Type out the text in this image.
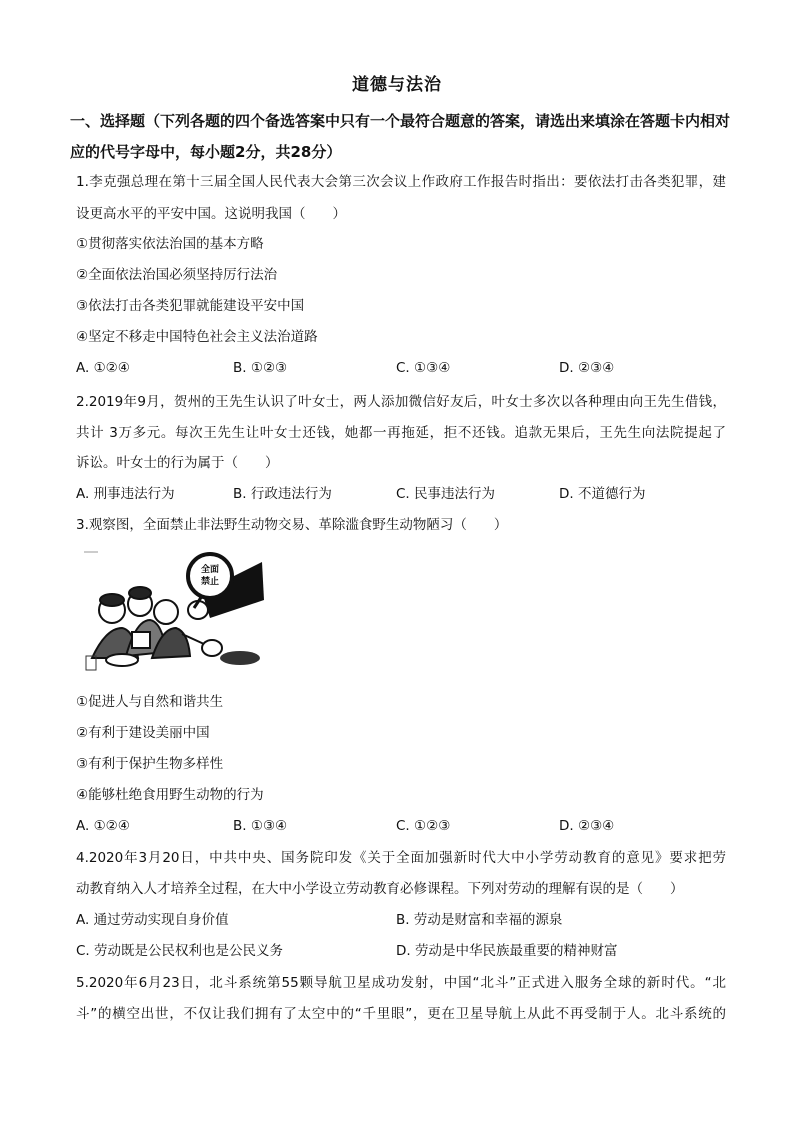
道德与法治
一、选择题（下列各题的四个备选答案中只有一个最符合题意的答案，请选出来填涂在答题卡内相对应的代号字母中，每小题2分，共28分）
1.李克强总理在第十三届全国人民代表大会第三次会议上作政府工作报告时指出：要依法打击各类犯罪，建
设更高水平的平安中国。这说明我国（　　）
①贯彻落实依法治国的基本方略
②全面依法治国必须坚持厉行法治
③依法打击各类犯罪就能建设平安中国
④坚定不移走中国特色社会主义法治道路
A. ①②④	B. ①②③	C. ①③④	D. ②③④
2.2019年9月，贺州的王先生认识了叶女士，两人添加微信好友后，叶女士多次以各种理由向王先生借钱，
共计 3万多元。每次王先生让叶女士还钱，她都一再拖延，拒不还钱。追款无果后，王先生向法院提起了
诉讼。叶女士的行为属于（　　）
A. 刑事违法行为	B. 行政违法行为	C. 民事违法行为	D. 不道德行为
3.观察图，全面禁止非法野生动物交易、革除滥食野生动物陋习（　　）
全面
禁止
①促进人与自然和谐共生
②有利于建设美丽中国
③有利于保护生物多样性
④能够杜绝食用野生动物的行为
A. ①②④	B. ①③④	C. ①②③	D. ②③④
4.2020年3月20日，中共中央、国务院印发《关于全面加强新时代大中小学劳动教育的意见》要求把劳
动教育纳入人才培养全过程，在大中小学设立劳动教育必修课程。下列对劳动的理解有误的是（　　）
A. 通过劳动实现自身价值	B. 劳动是财富和幸福的源泉
C. 劳动既是公民权利也是公民义务	D. 劳动是中华民族最重要的精神财富
5.2020年6月23日，北斗系统第55颗导航卫星成功发射，中国“北斗”正式进入服务全球的新时代。“北
斗”的横空出世，不仅让我们拥有了太空中的“千里眼”，更在卫星导航上从此不再受制于人。北斗系统的
